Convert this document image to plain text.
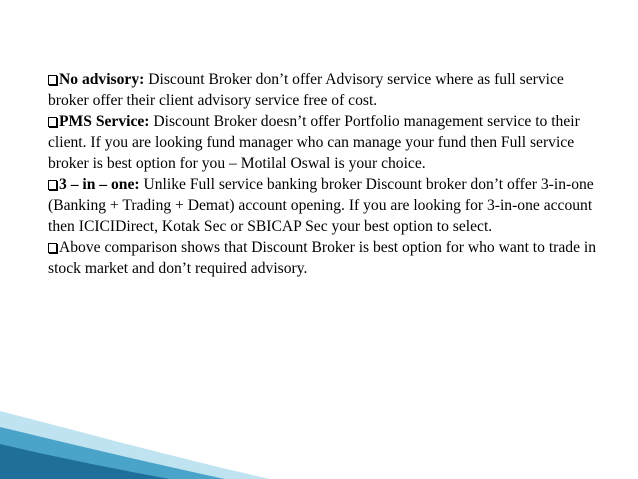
No advisory: Discount Broker don’t offer Advisory service where as full service broker offer their client advisory service free of cost.

PMS Service: Discount Broker doesn’t offer Portfolio management service to their client. If you are looking fund manager who can manage your fund then Full service broker is best option for you – Motilal Oswal is your choice.

3 – in – one: Unlike Full service banking broker Discount broker don’t offer 3-in-one (Banking + Trading + Demat) account opening. If you are looking for 3-in-one account then ICICIDirect, Kotak Sec or SBICAP Sec your best option to select.

Above comparison shows that Discount Broker is best option for who want to trade in stock market and don’t required advisory.
